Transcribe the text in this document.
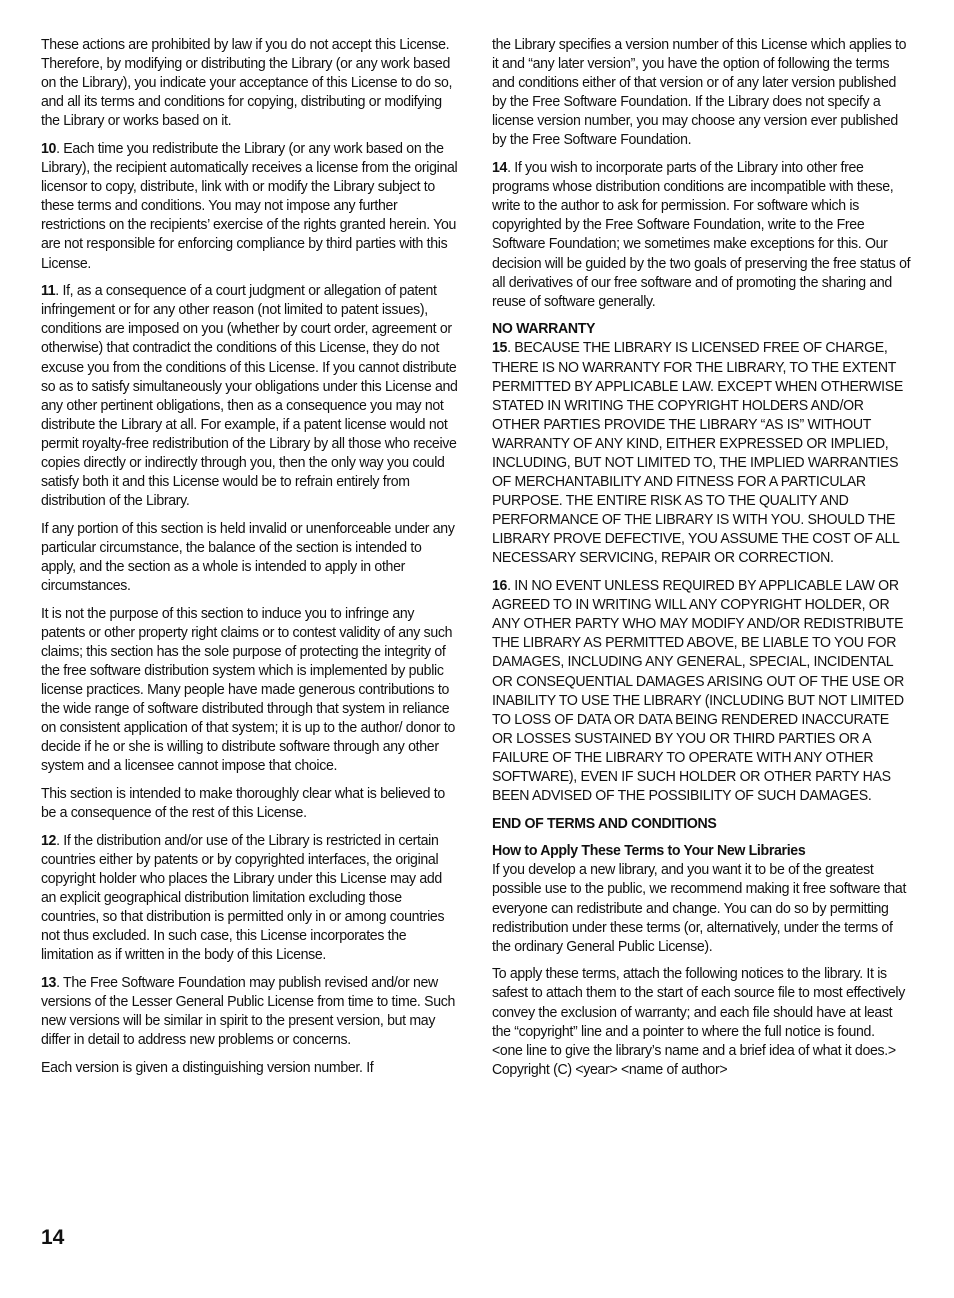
These actions are prohibited by law if you do not accept this License. Therefore, by modifying or distributing the Library (or any work based on the Library), you indicate your acceptance of this License to do so, and all its terms and conditions for copying, distributing or modifying the Library or works based on it.

10. Each time you redistribute the Library (or any work based on the Library), the recipient automatically receives a license from the original licensor to copy, distribute, link with or modify the Library subject to these terms and conditions. You may not impose any further restrictions on the recipients’ exercise of the rights granted herein. You are not responsible for enforcing compliance by third parties with this License.

11. If, as a consequence of a court judgment or allegation of patent infringement or for any other reason (not limited to patent issues), conditions are imposed on you (whether by court order, agreement or otherwise) that contradict the conditions of this License, they do not excuse you from the conditions of this License. If you cannot distribute so as to satisfy simultaneously your obligations under this License and any other pertinent obligations, then as a consequence you may not distribute the Library at all. For example, if a patent license would not permit royalty-free redistribution of the Library by all those who receive copies directly or indirectly through you, then the only way you could satisfy both it and this License would be to refrain entirely from distribution of the Library.

If any portion of this section is held invalid or unenforceable under any particular circumstance, the balance of the section is intended to apply, and the section as a whole is intended to apply in other circumstances.

It is not the purpose of this section to induce you to infringe any patents or other property right claims or to contest validity of any such claims; this section has the sole purpose of protecting the integrity of the free software distribution system which is implemented by public license practices. Many people have made generous contributions to the wide range of software distributed through that system in reliance on consistent application of that system; it is up to the author/ donor to decide if he or she is willing to distribute software through any other system and a licensee cannot impose that choice.

This section is intended to make thoroughly clear what is believed to be a consequence of the rest of this License.

12. If the distribution and/or use of the Library is restricted in certain countries either by patents or by copyrighted interfaces, the original copyright holder who places the Library under this License may add an explicit geographical distribution limitation excluding those countries, so that distribution is permitted only in or among countries not thus excluded. In such case, this License incorporates the limitation as if written in the body of this License.

13. The Free Software Foundation may publish revised and/or new versions of the Lesser General Public License from time to time. Such new versions will be similar in spirit to the present version, but may differ in detail to address new problems or concerns.

Each version is given a distinguishing version number. If

the Library specifies a version number of this License which applies to it and “any later version”, you have the option of following the terms and conditions either of that version or of any later version published by the Free Software Foundation. If the Library does not specify a license version number, you may choose any version ever published by the Free Software Foundation.

14. If you wish to incorporate parts of the Library into other free programs whose distribution conditions are incompatible with these, write to the author to ask for permission. For software which is copyrighted by the Free Software Foundation, write to the Free Software Foundation; we sometimes make exceptions for this. Our decision will be guided by the two goals of preserving the free status of all derivatives of our free software and of promoting the sharing and reuse of software generally.

NO WARRANTY
15. BECAUSE THE LIBRARY IS LICENSED FREE OF CHARGE, THERE IS NO WARRANTY FOR THE LIBRARY, TO THE EXTENT PERMITTED BY APPLICABLE LAW. EXCEPT WHEN OTHERWISE STATED IN WRITING THE COPYRIGHT HOLDERS AND/OR OTHER PARTIES PROVIDE THE LIBRARY “AS IS” WITHOUT WARRANTY OF ANY KIND, EITHER EXPRESSED OR IMPLIED, INCLUDING, BUT NOT LIMITED TO, THE IMPLIED WARRANTIES OF MERCHANTABILITY AND FITNESS FOR A PARTICULAR PURPOSE. THE ENTIRE RISK AS TO THE QUALITY AND PERFORMANCE OF THE LIBRARY IS WITH YOU. SHOULD THE LIBRARY PROVE DEFECTIVE, YOU ASSUME THE COST OF ALL NECESSARY SERVICING, REPAIR OR CORRECTION.

16. IN NO EVENT UNLESS REQUIRED BY APPLICABLE LAW OR AGREED TO IN WRITING WILL ANY COPYRIGHT HOLDER, OR ANY OTHER PARTY WHO MAY MODIFY AND/OR REDISTRIBUTE THE LIBRARY AS PERMITTED ABOVE, BE LIABLE TO YOU FOR DAMAGES, INCLUDING ANY GENERAL, SPECIAL, INCIDENTAL OR CONSEQUENTIAL DAMAGES ARISING OUT OF THE USE OR INABILITY TO USE THE LIBRARY (INCLUDING BUT NOT LIMITED TO LOSS OF DATA OR DATA BEING RENDERED INACCURATE OR LOSSES SUSTAINED BY YOU OR THIRD PARTIES OR A FAILURE OF THE LIBRARY TO OPERATE WITH ANY OTHER SOFTWARE), EVEN IF SUCH HOLDER OR OTHER PARTY HAS BEEN ADVISED OF THE POSSIBILITY OF SUCH DAMAGES.

END OF TERMS AND CONDITIONS

How to Apply These Terms to Your New Libraries
If you develop a new library, and you want it to be of the greatest possible use to the public, we recommend making it free software that everyone can redistribute and change. You can do so by permitting redistribution under these terms (or, alternatively, under the terms of the ordinary General Public License).

To apply these terms, attach the following notices to the library. It is safest to attach them to the start of each source file to most effectively convey the exclusion of warranty; and each file should have at least the “copyright” line and a pointer to where the full notice is found.

<one line to give the library’s name and a brief idea of what it does.>

Copyright (C) <year> <name of author>

14
